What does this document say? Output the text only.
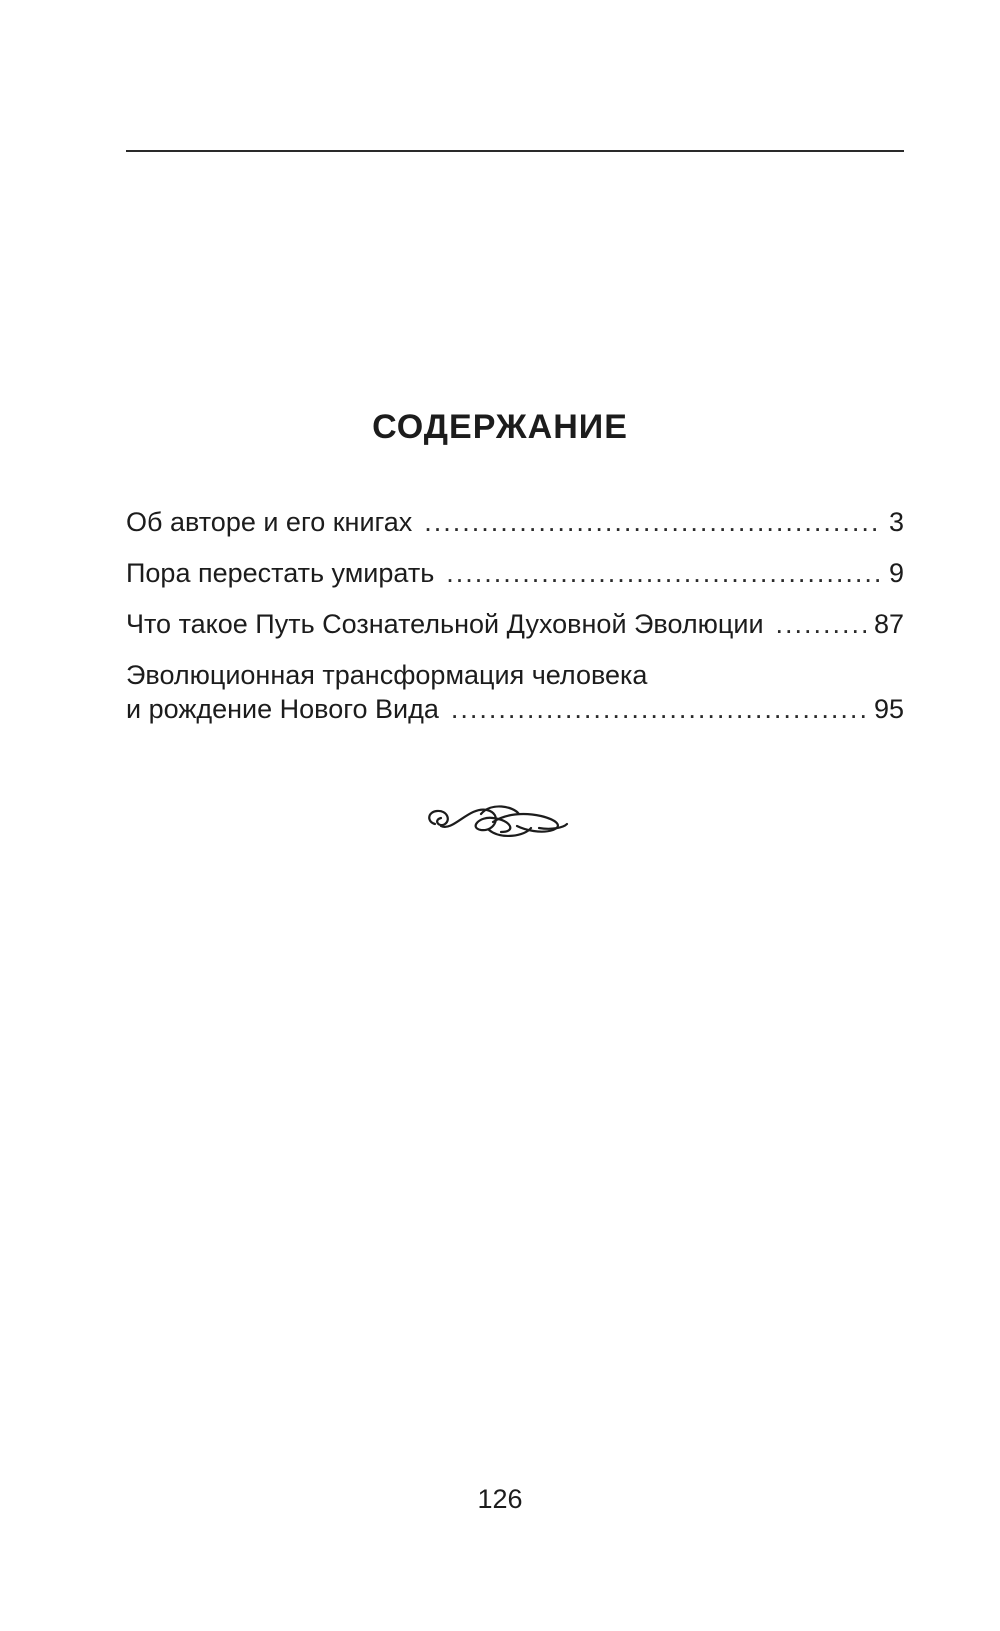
СОДЕРЖАНИЕ
Об авторе и его книгах .....	3
Пора перестать умирать .....	9
Что такое Путь Сознательной Духовной Эволюции .....	87
Эволюционная трансформация человека
и рождение Нового Вида .....	95
126
